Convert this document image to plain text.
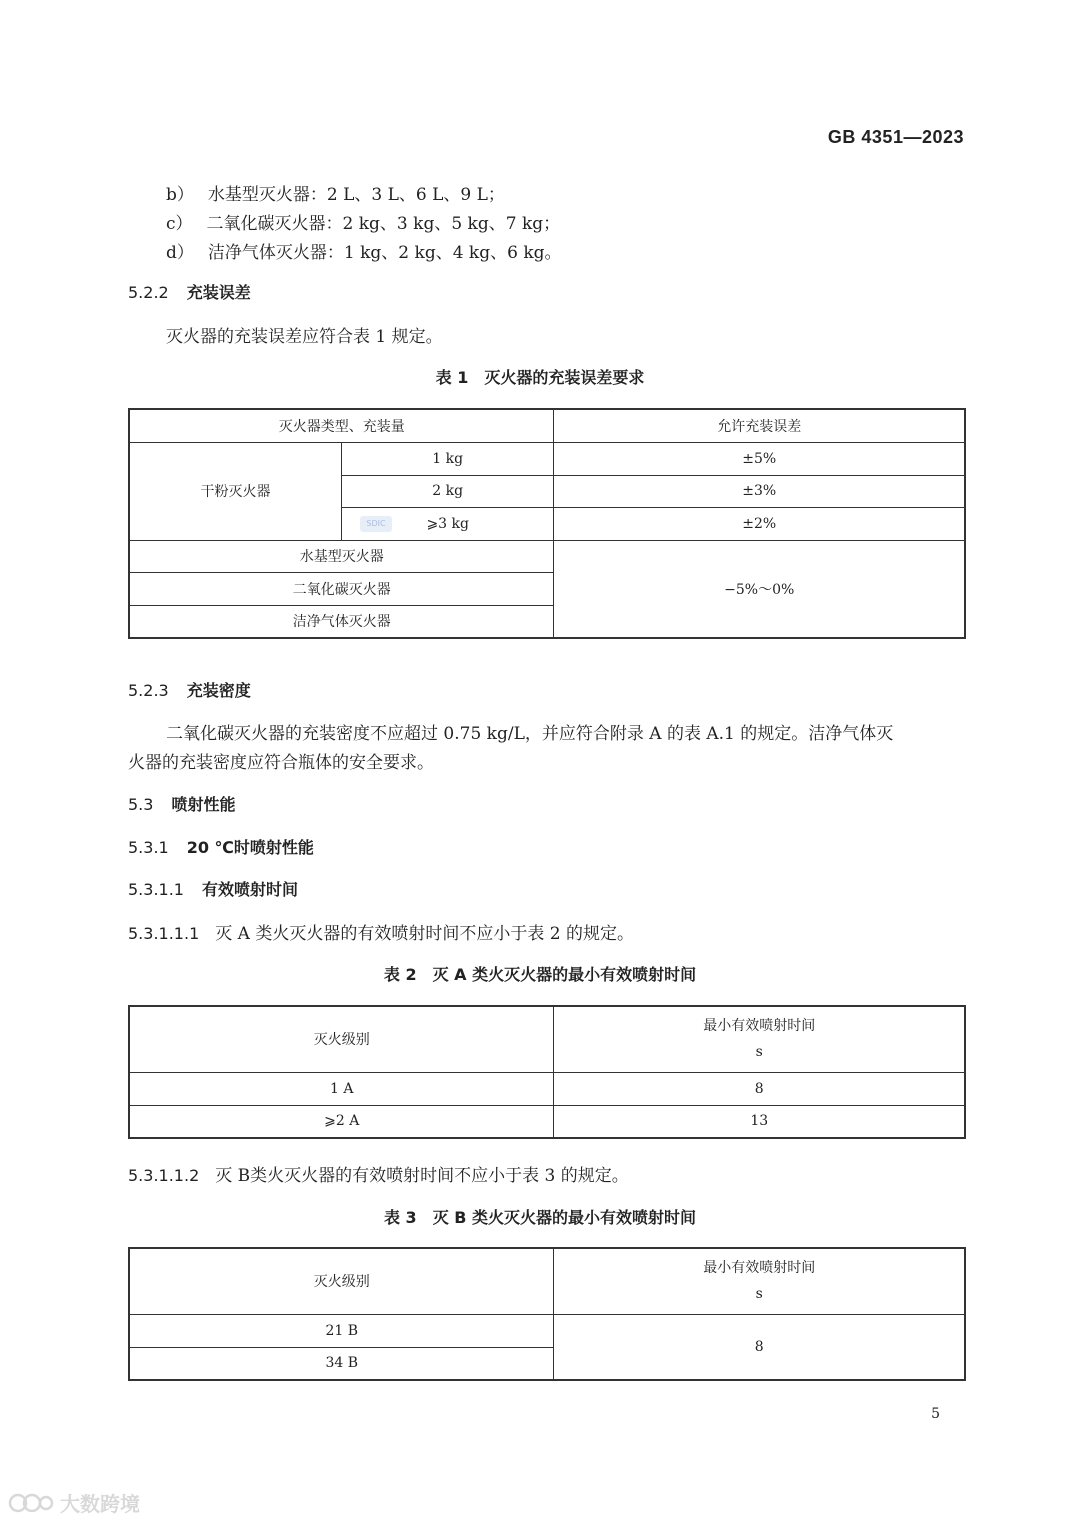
GB 4351—2023
b） 水基型灭火器：2 L、3 L、6 L、9 L；
c） 二氧化碳灭火器：2 kg、3 kg、5 kg、7 kg；
d） 洁净气体灭火器：1 kg、2 kg、4 kg、6 kg。
5.2.2 充装误差
灭火器的充装误差应符合表 1 规定。
表 1 灭火器的充装误差要求
灭火器类型、充装量		允许充装误差
干粉灭火器	1 kg	±5%
	2 kg	±3%

	SDIC ⩾3 kg	±2%
水基型灭火器		−5%～0%
二氧化碳灭火器		
洁净气体灭火器		
5.2.3 充装密度
二氧化碳灭火器的充装密度不应超过 0.75 kg/L，并应符合附录 A 的表 A.1 的规定。洁净气体灭
火器的充装密度应符合瓶体的安全要求。
5.3 喷射性能
5.3.1 20 ℃时喷射性能
5.3.1.1 有效喷射时间
5.3.1.1.1 灭 A 类火灭火器的有效喷射时间不应小于表 2 的规定。
表 2 灭 A 类火灭火器的最小有效喷射时间
灭火级别	最小有效喷射时间
s

1 A	8
⩾2 A	13
5.3.1.1.2 灭 B类火灭火器的有效喷射时间不应小于表 3 的规定。
表 3 灭 B 类火灭火器的最小有效喷射时间
灭火级别	最小有效喷射时间
s

21 B	8
34 B	
5
大数跨境
